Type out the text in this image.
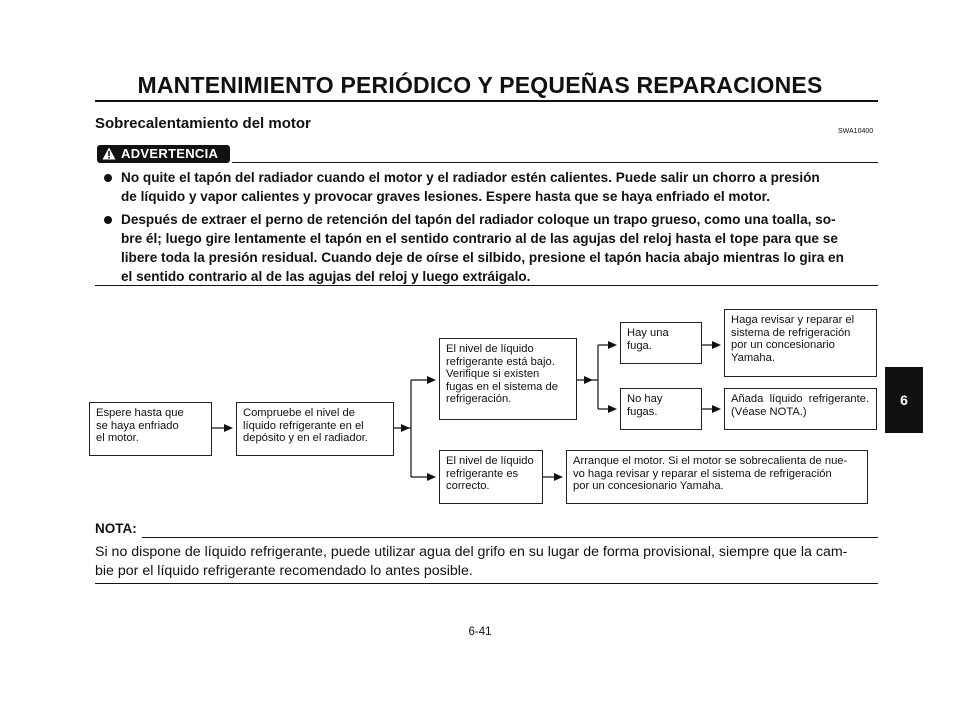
MANTENIMIENTO PERIÓDICO Y PEQUEÑAS REPARACIONES
Sobrecalentamiento del motor	SWA10400
ADVERTENCIA
No quite el tapón del radiador cuando el motor y el radiador estén calientes. Puede salir un chorro a presión
de líquido y vapor calientes y provocar graves lesiones. Espere hasta que se haya enfriado el motor.
Después de extraer el perno de retención del tapón del radiador coloque un trapo grueso, como una toalla, so-
bre él; luego gire lentamente el tapón en el sentido contrario al de las agujas del reloj hasta el tope para que se
libere toda la presión residual. Cuando deje de oírse el silbido, presione el tapón hacia abajo mientras lo gira en
el sentido contrario al de las agujas del reloj y luego extráigalo.
Espere hasta que
se haya enfriado
el motor.
Compruebe el nivel de
líquido refrigerante en el
depósito y en el radiador.
El nivel de líquido
refrigerante está bajo.
Verifique si existen
fugas en el sistema de
refrigeración.
El nivel de líquido
refrigerante es
correcto.
Hay una
fuga.
No hay
fugas.
Haga revisar y reparar el
sistema de refrigeración
por un concesionario
Yamaha.
Añada  líquido  refrigerante.
(Véase NOTA.)
Arranque el motor. Si el motor se sobrecalienta de nue-
vo haga revisar y reparar el sistema de refrigeración
por un concesionario Yamaha.
NOTA:
Si no dispone de líquido refrigerante, puede utilizar agua del grifo en su lugar de forma provisional, siempre que la cam-
bie por el líquido refrigerante recomendado lo antes posible.
6-41
6
